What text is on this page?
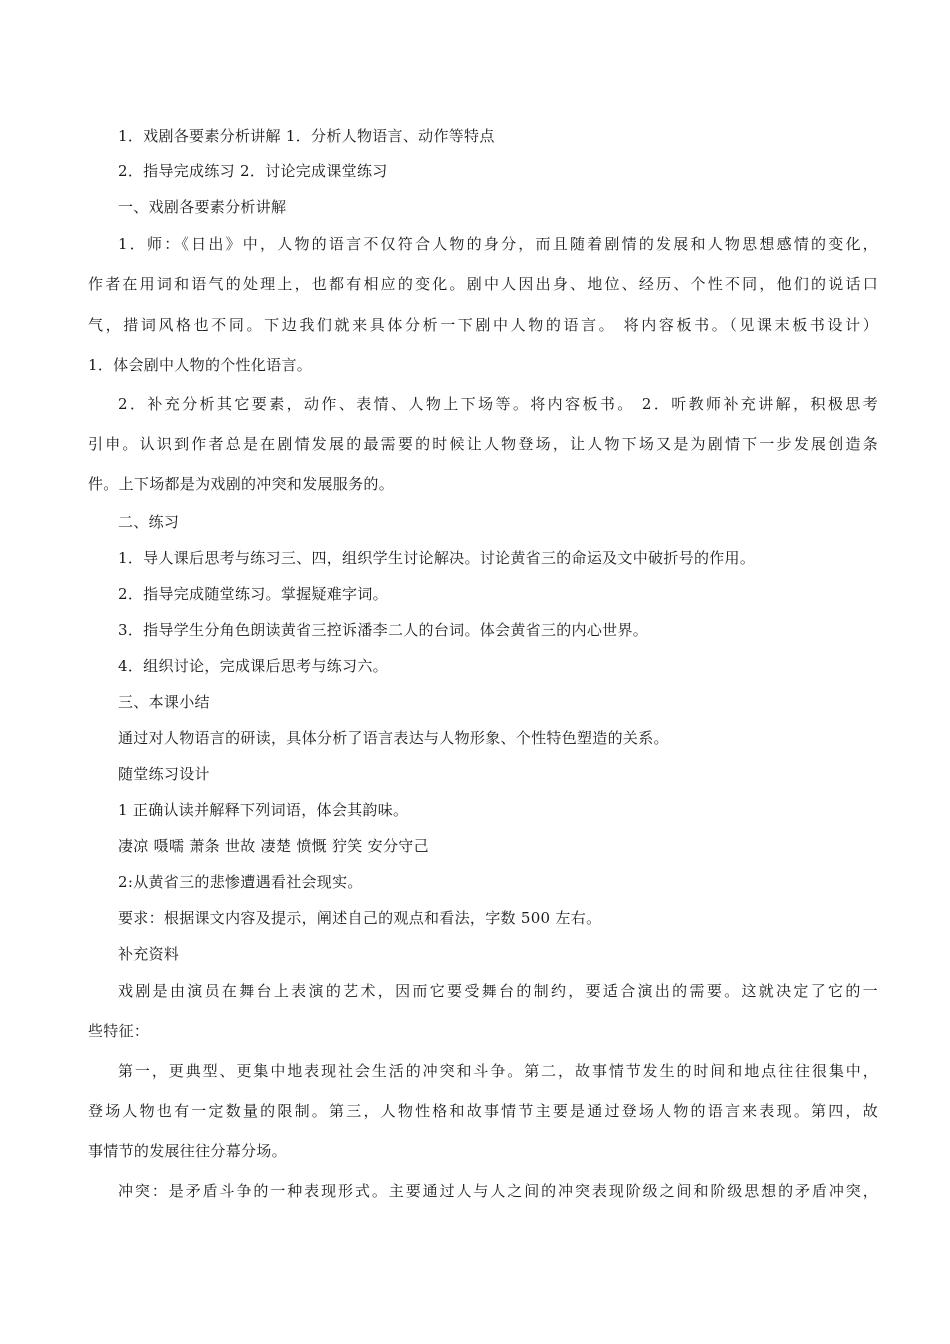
1．戏剧各要素分析讲解 1．分析人物语言、动作等特点
2．指导完成练习 2．讨论完成课堂练习
一、戏剧各要素分析讲解
1．师：《日出》中，人物的语言不仅符合人物的身分，而且随着剧情的发展和人物思想感情的变化，
作者在用词和语气的处理上，也都有相应的变化。剧中人因出身、地位、经历、个性不同，他们的说话口
气，措词风格也不同。下边我们就来具体分析一下剧中人物的语言。 将内容板书。（见课末板书设计）
1．体会剧中人物的个性化语言。
2．补充分析其它要素，动作、表情、人物上下场等。将内容板书。 2．听教师补充讲解，积极思考
引申。认识到作者总是在剧情发展的最需要的时候让人物登场，让人物下场又是为剧情下一步发展创造条
件。上下场都是为戏剧的冲突和发展服务的。
二、练习
1．导人课后思考与练习三、四，组织学生讨论解决。讨论黄省三的命运及文中破折号的作用。
2．指导完成随堂练习。掌握疑难字词。
3．指导学生分角色朗读黄省三控诉潘李二人的台词。体会黄省三的内心世界。
4．组织讨论，完成课后思考与练习六。
三、本课小结
通过对人物语言的研读，具体分析了语言表达与人物形象、个性特色塑造的关系。
随堂练习设计
1 正确认读并解释下列词语，体会其韵味。
凄凉 嗫嚅 萧条 世故 凄楚 愤慨 狞笑 安分守己
2:从黄省三的悲惨遭遇看社会现实。
要求：根据课文内容及提示，阐述自己的观点和看法，字数 500 左右。
补充资料
戏剧是由演员在舞台上表演的艺术，因而它要受舞台的制约，要适合演出的需要。这就决定了它的一
些特征：
第一，更典型、更集中地表现社会生活的冲突和斗争。第二，故事情节发生的时间和地点往往很集中，
登场人物也有一定数量的限制。第三，人物性格和故事情节主要是通过登场人物的语言来表现。第四，故
事情节的发展往往分幕分场。
冲突：是矛盾斗争的一种表现形式。主要通过人与人之间的冲突表现阶级之间和阶级思想的矛盾冲突，
